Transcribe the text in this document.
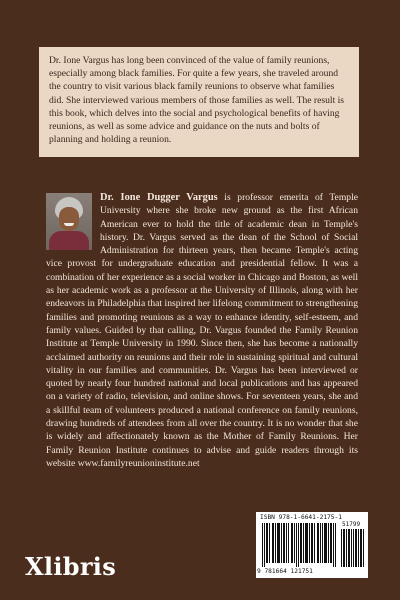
Dr. Ione Vargus has long been convinced of the value of family reunions, especially among black families. For quite a few years, she traveled around the country to visit various black family reunions to observe what families did. She interviewed various members of those families as well. The result is this book, which delves into the social and psychological benefits of having reunions, as well as some advice and guidance on the nuts and bolts of planning and holding a reunion.
Dr. Ione Dugger Vargus is professor emerita of Temple University where she broke new ground as the first African American ever to hold the title of academic dean in Temple's history. Dr. Vargus served as the dean of the School of Social Administration for thirteen years, then became Temple's acting vice provost for undergraduate education and presidential fellow. It was a combination of her experience as a social worker in Chicago and Boston, as well as her academic work as a professor at the University of Illinois, along with her endeavors in Philadelphia that inspired her lifelong commitment to strengthening families and promoting reunions as a way to enhance identity, self-esteem, and family values. Guided by that calling, Dr. Vargus founded the Family Reunion Institute at Temple University in 1990. Since then, she has become a nationally acclaimed authority on reunions and their role in sustaining spiritual and cultural vitality in our families and communities. Dr. Vargus has been interviewed or quoted by nearly four hundred national and local publications and has appeared on a variety of radio, television, and online shows. For seventeen years, she and a skillful team of volunteers produced a national conference on family reunions, drawing hundreds of attendees from all over the country. It is no wonder that she is widely and affectionately known as the Mother of Family Reunions. Her Family Reunion Institute continues to advise and guide readers through its website www.familyreunioninstitute.net
ISBN 978-1-6641-2175-1
51799
9 781664 121751
Xlibris
